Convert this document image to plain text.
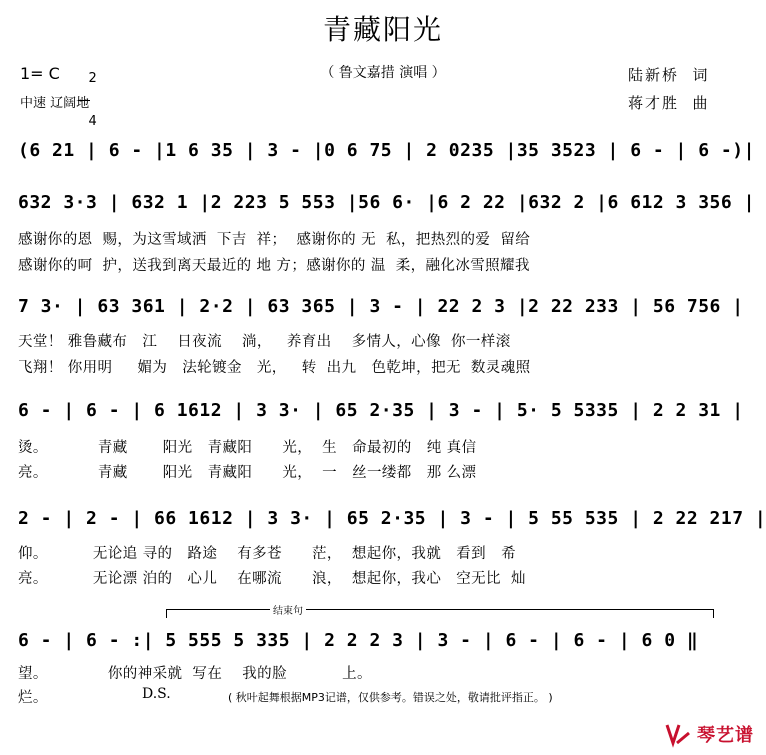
青藏阳光
（ 鲁文嘉措 演唱 ）
1= C	2

4

中速 辽阔地
陆新桥  词
蒋才胜  曲
(6 21 | 6 - |1 6 35 | 3 - |0 6 75 | 2 0235 |35 3523 | 6 - | 6 -)|
632 3·3 | 632 1 |2 223 5 553 |56 6· |6 2 22 |632 2 |6 612 3 356 |
感谢你的恩  赐，为这雪域洒  下吉  祥；  感谢你的 无  私，把热烈的爱  留给
感谢你的呵  护，送我到离天最近的 地 方；感谢你的 温  柔，融化冰雪照耀我
7 3· | 63 361 | 2·2 | 63 365 | 3 - | 22 2 3 |2 22 233 | 56 756 |
天堂！ 雅鲁藏布   江    日夜流    淌，   养育出    多情人，心像  你一样滚
飞翔！ 你用明     媚为   法轮镀金   光，   转  出九   色乾坤，把无  数灵魂照
6 - | 6 - | 6 1612 | 3 3· | 65 2·35 | 3 - | 5· 5 5335 | 2 2 31 |
烫。          青藏       阳光   青藏阳      光，  生   命最初的   纯 真信
亮。          青藏       阳光   青藏阳      光，  一   丝一缕都   那 么漂
2 - | 2 - | 66 1612 | 3 3· | 65 2·35 | 3 - | 5 55 535 | 2 22 217 |
仰。         无论追 寻的   路途    有多苍      茫，  想起你，我就   看到   希
亮。         无论漂 泊的   心儿    在哪流      浪，  想起你，我心   空无比  灿
结束句
6 - | 6 - :| 5 555 5 335 | 2 2 2 3 | 3 - | 6 - | 6 - | 6 0 ‖
望。            你的神采就  写在    我的脸           上。
烂。	D.S.	( 秋叶起舞根据MP3记谱，仅供参考。错误之处，敬请批评指正。 )
琴艺谱
